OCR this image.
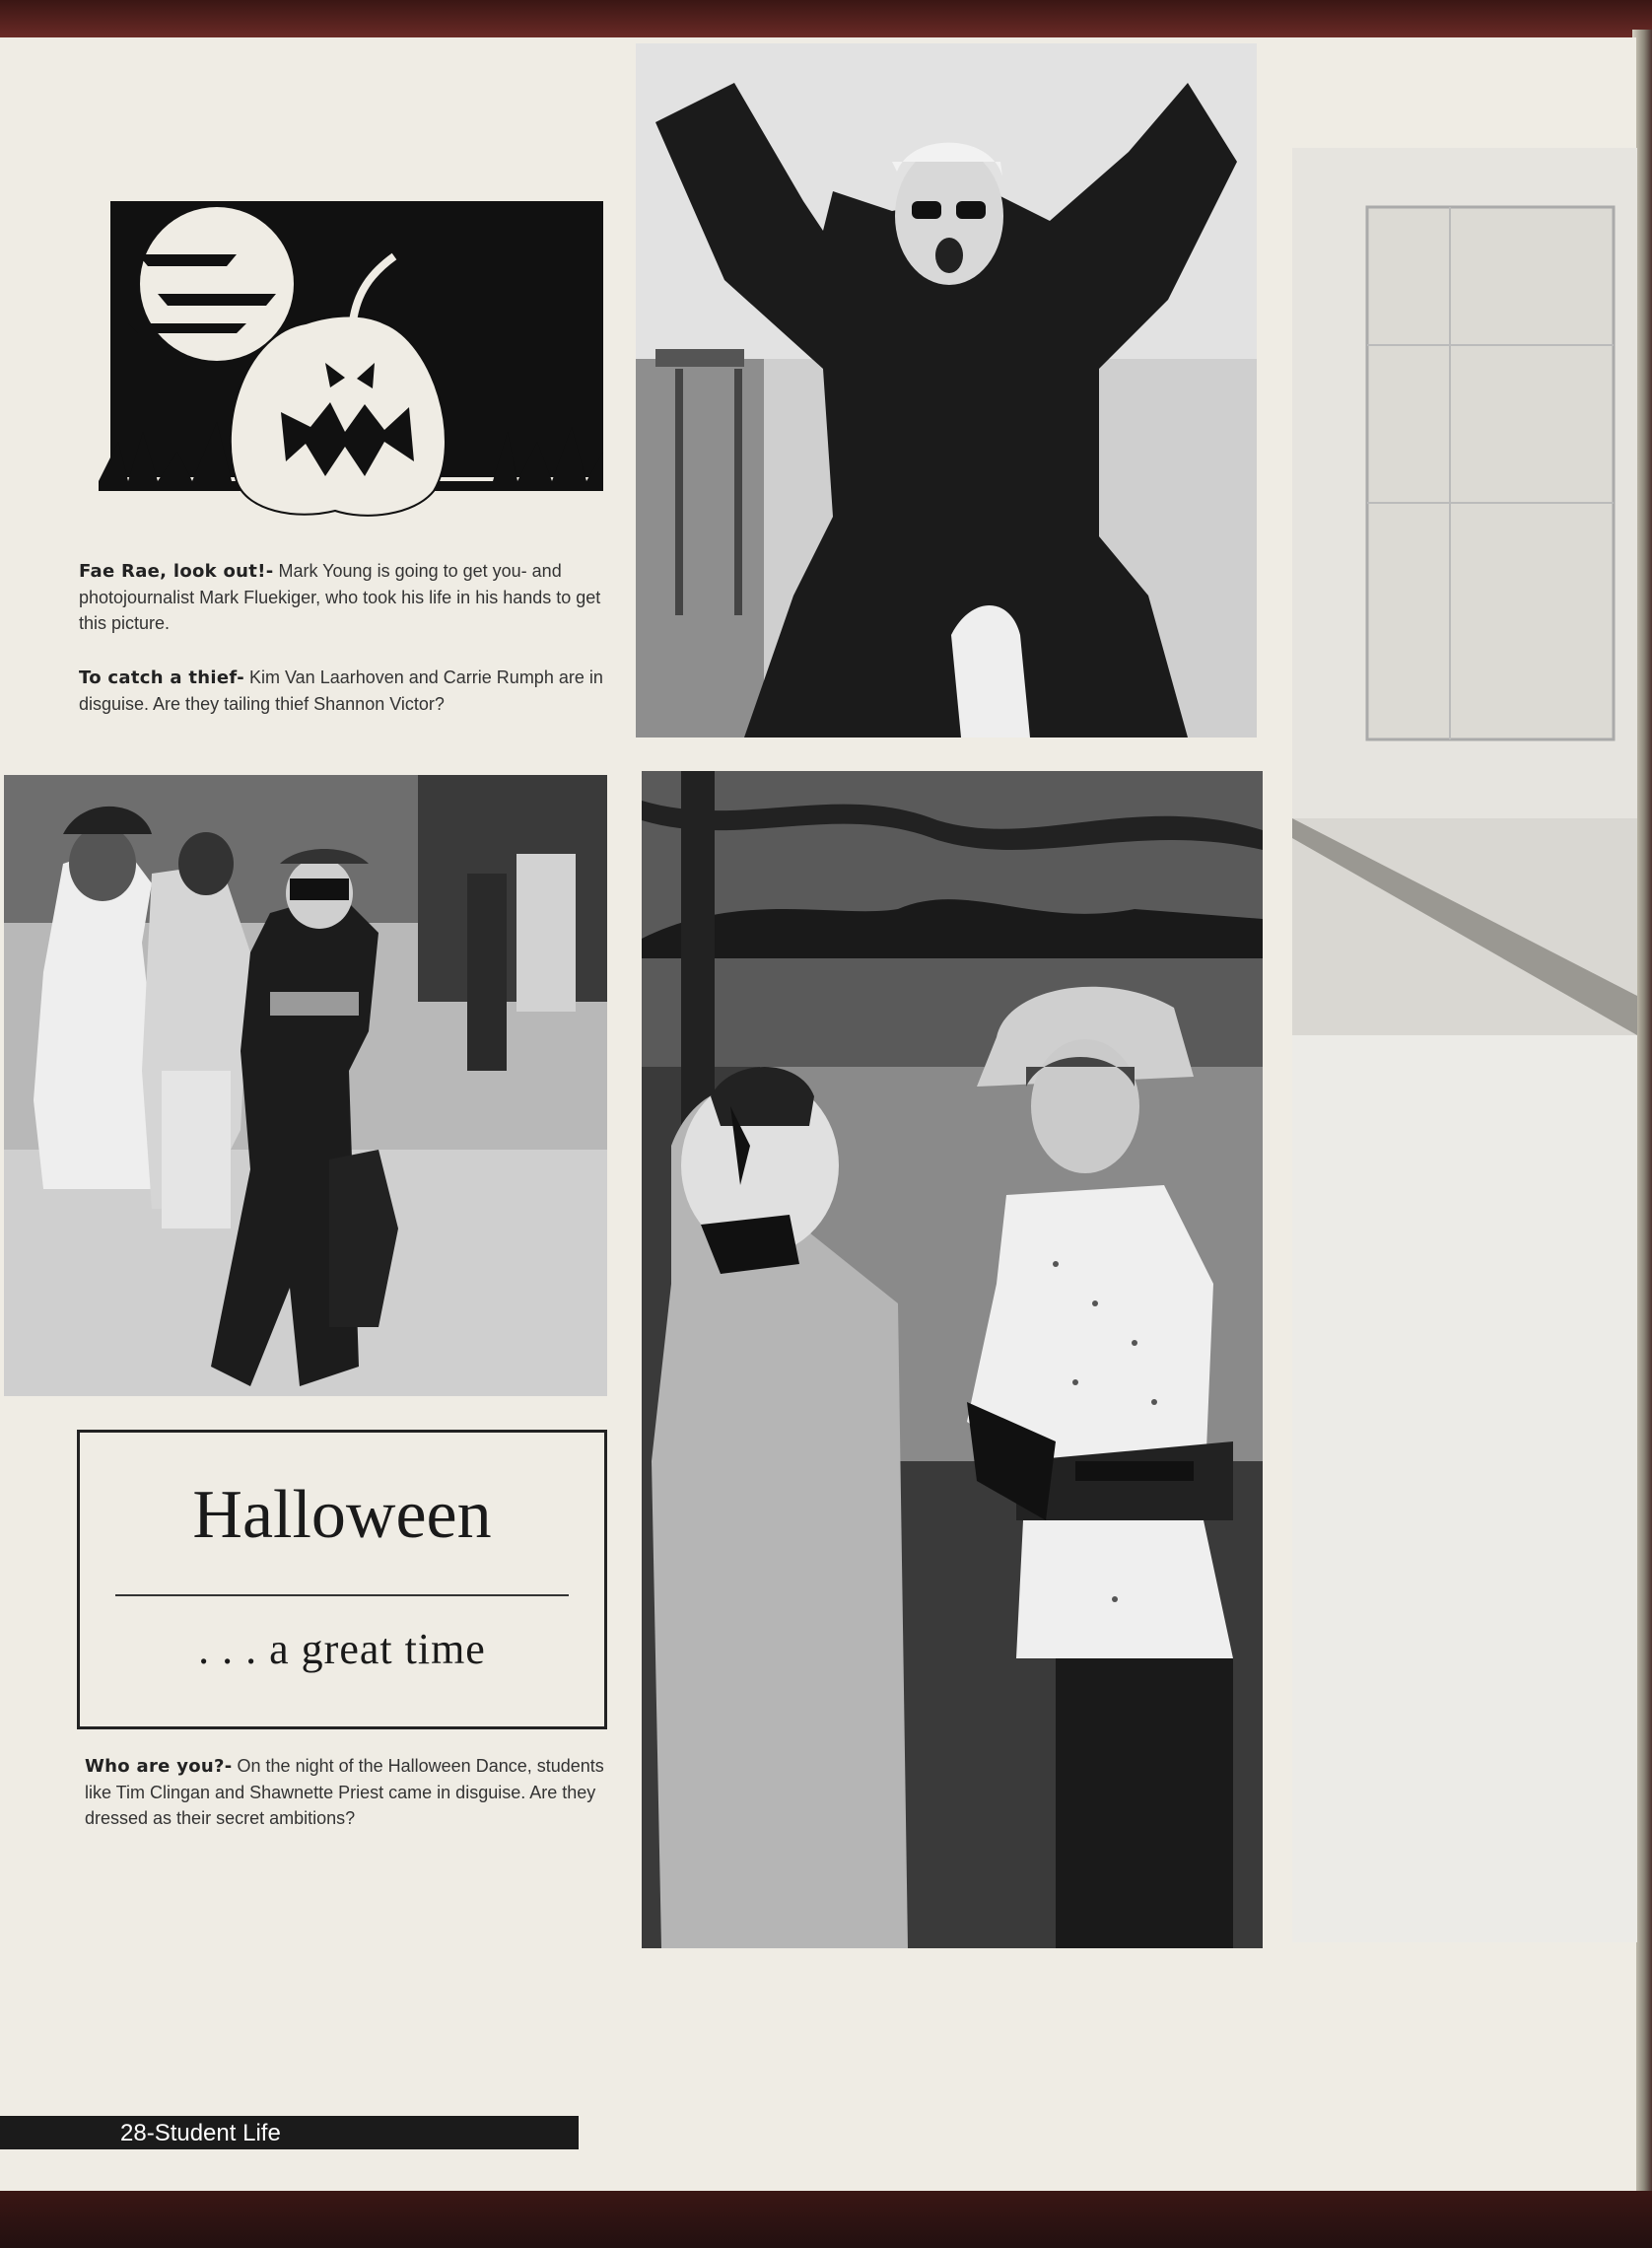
Fae Rae, look out!- Mark Young is going to get you- and photojournalist Mark Fluekiger, who took his life in his hands to get this picture.
To catch a thief- Kim Van Laarhoven and Carrie Rumph are in disguise. Are they tailing thief Shannon Victor?
Halloween
. . . a great time
Who are you?- On the night of the Halloween Dance, students like Tim Clingan and Shawnette Priest came in disguise. Are they dressed as their secret ambitions?
28-Student Life
